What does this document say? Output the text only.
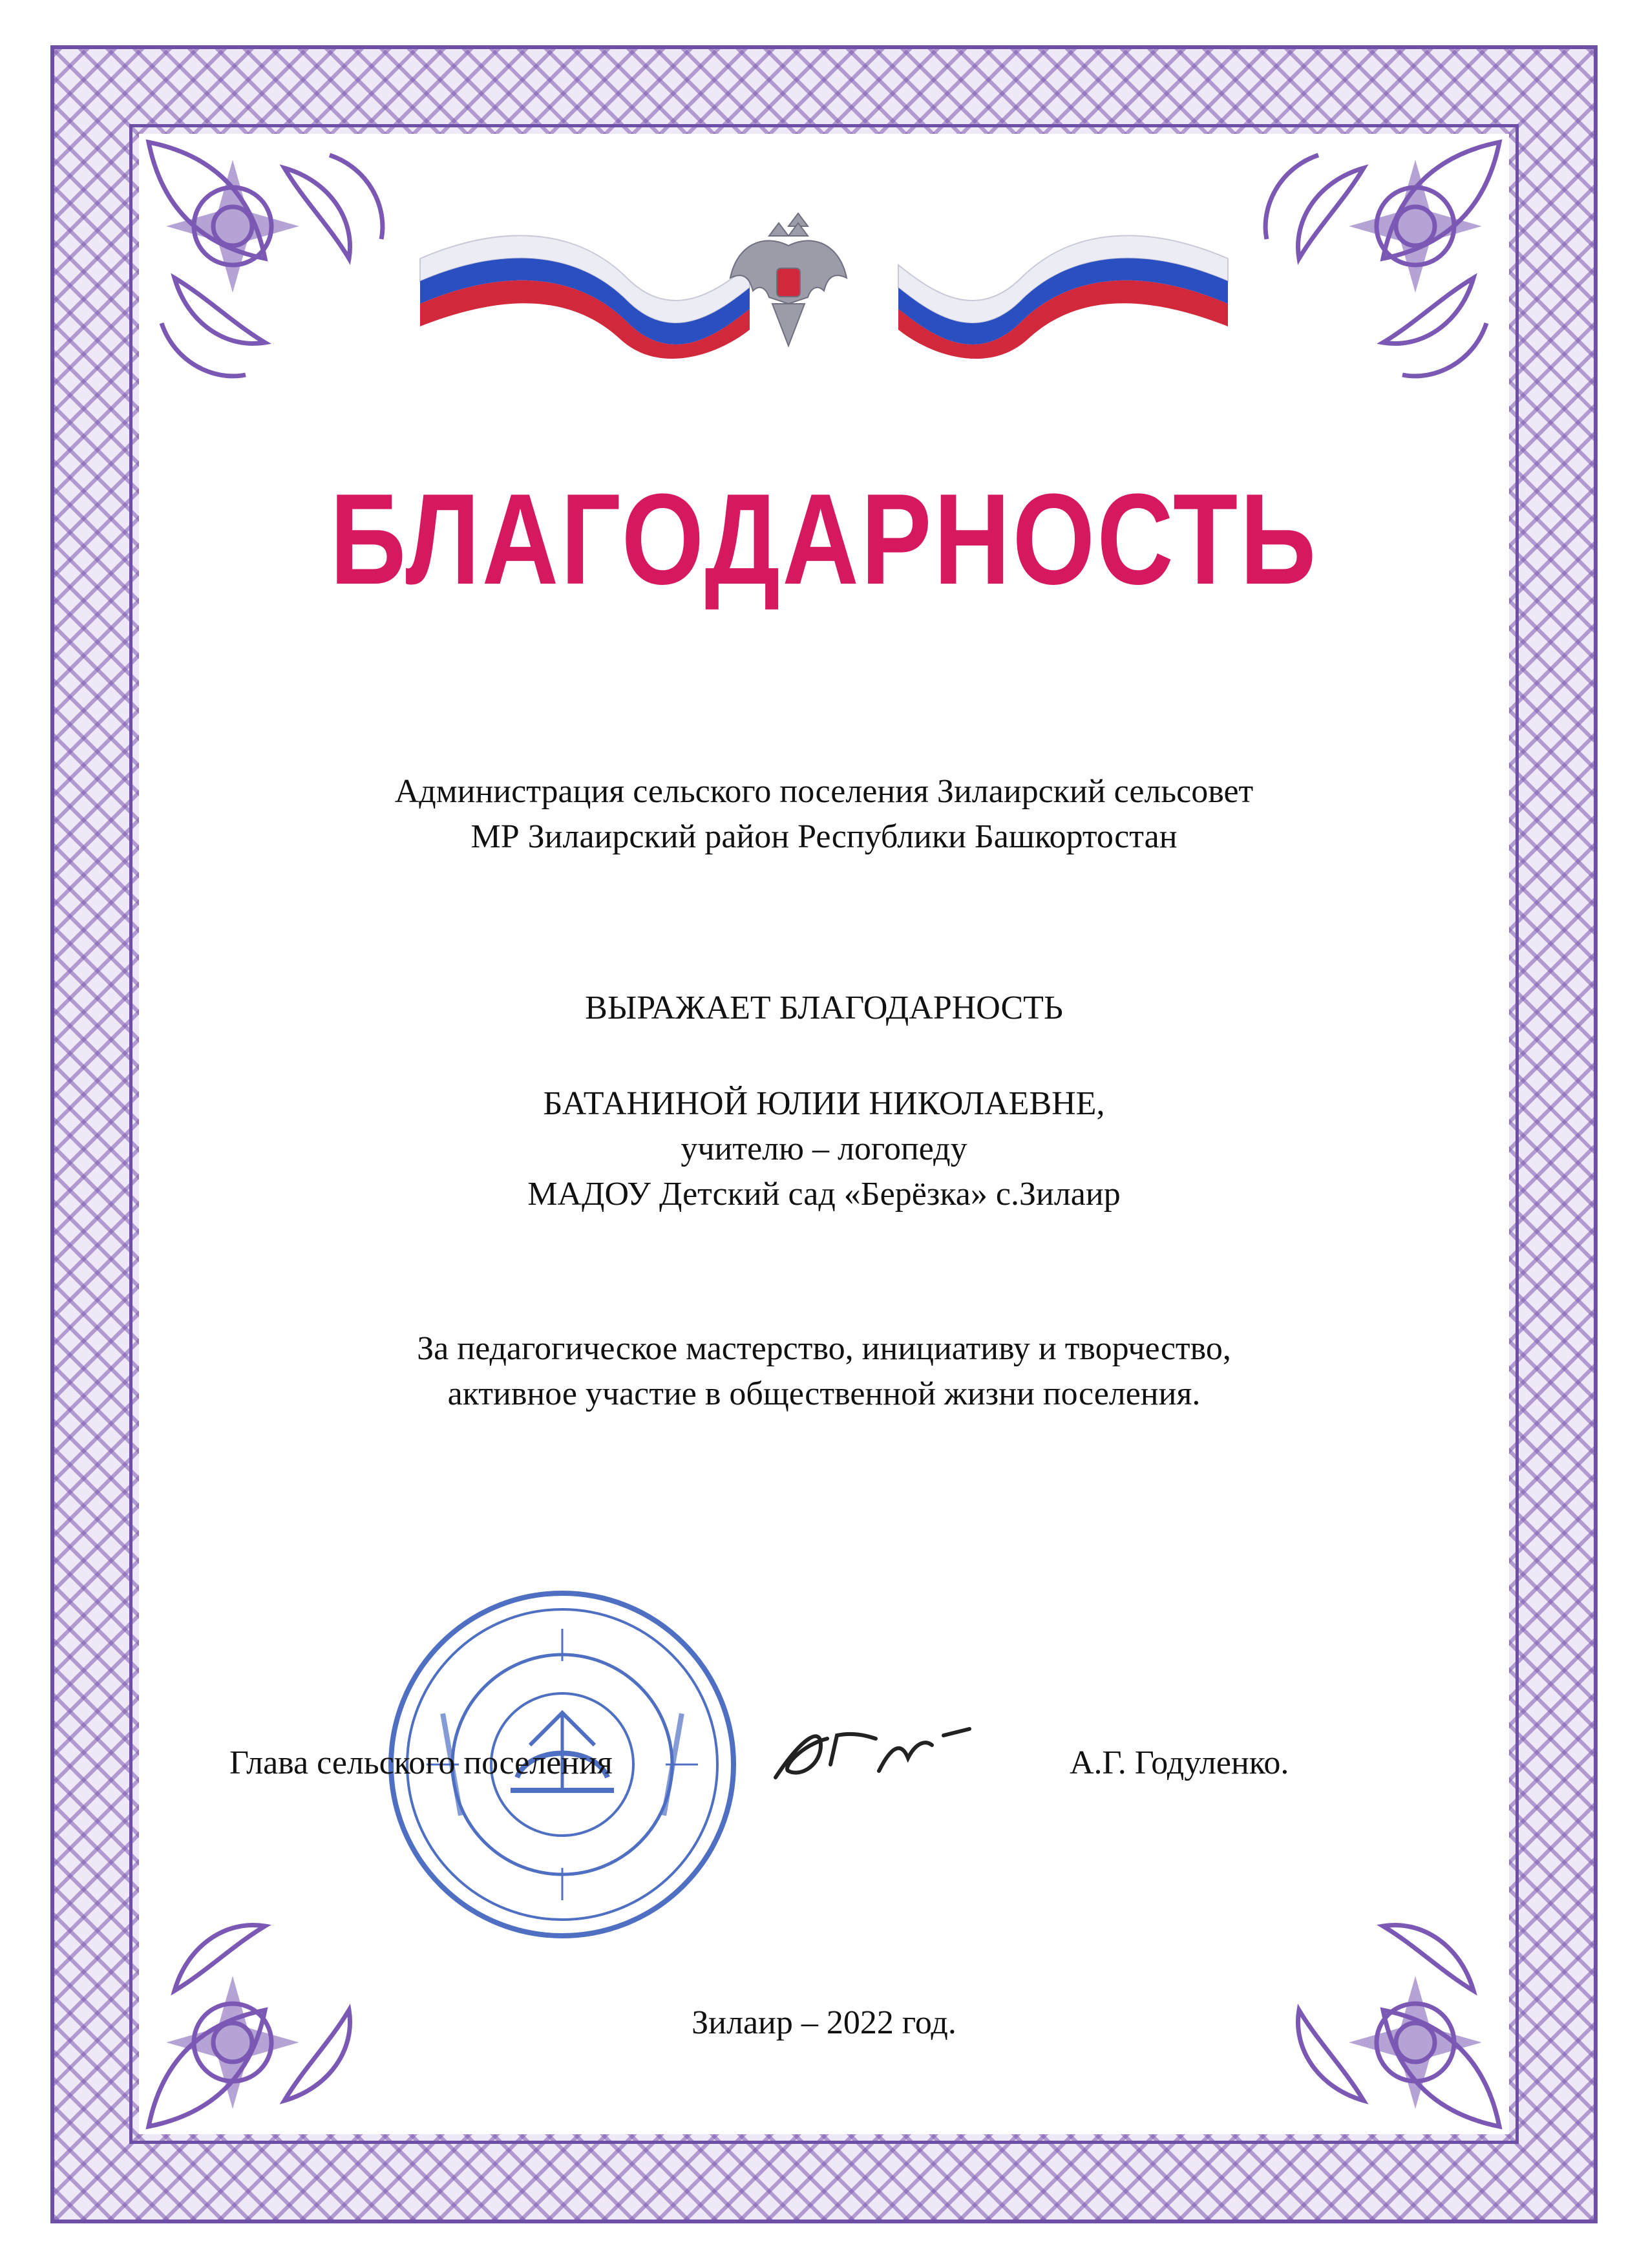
БЛАГОДАРНОСТЬ
Администрация сельского поселения Зилаирский сельсовет
МР Зилаирский район Республики Башкортостан
ВЫРАЖАЕТ БЛАГОДАРНОСТЬ
БАТАНИНОЙ ЮЛИИ НИКОЛАЕВНЕ,
учителю – логопеду
МАДОУ Детский сад «Берёзка» с.Зилаир
За педагогическое мастерство, инициативу и творчество,
активное участие в общественной жизни поселения.
Глава сельского поселения	А.Г. Годуленко.
Зилаир – 2022 год.
